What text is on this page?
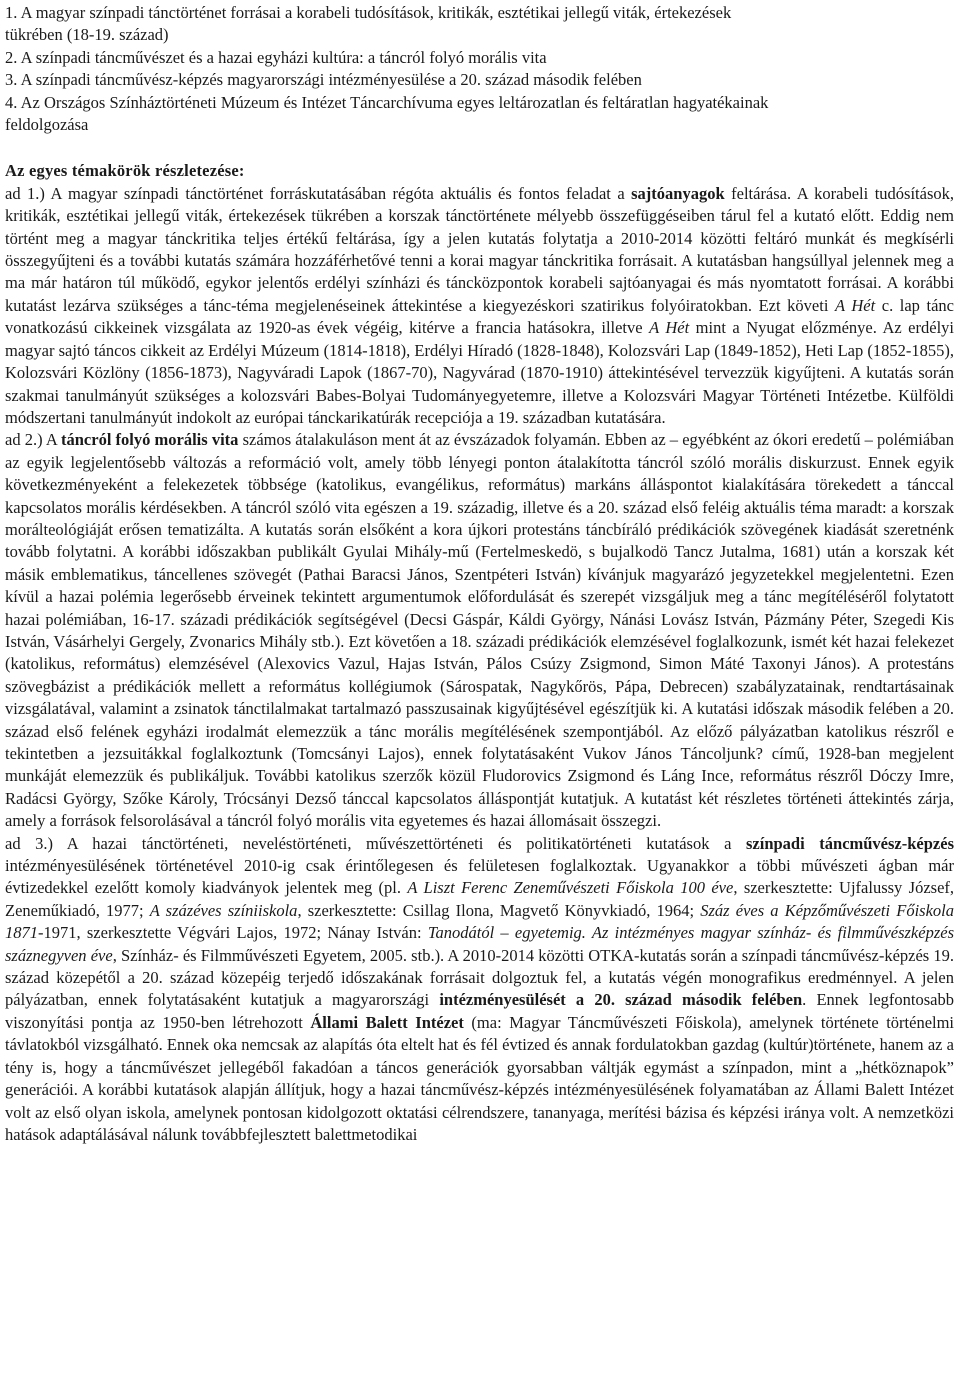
1. A magyar színpadi tánctörténet forrásai a korabeli tudósítások, kritikák, esztétikai jellegű viták, értekezések

tükrében (18-19. század)

2. A színpadi táncművészet és a hazai egyházi kultúra: a táncról folyó morális vita

3. A színpadi táncművész-képzés magyarországi intézményesülése a 20. század második felében

4. Az Országos Színháztörténeti Múzeum és Intézet Táncarchívuma egyes leltározatlan és feltáratlan hagyatékainak

feldolgozása

Az egyes témakörök részletezése:

ad 1.) A magyar színpadi tánctörténet forráskutatásában régóta aktuális és fontos feladat a sajtóanyagok feltárása. A korabeli tudósítások, kritikák, esztétikai jellegű viták, értekezések tükrében a korszak tánctörténete mélyebb összefüggéseiben tárul fel a kutató előtt. Eddig nem történt meg a magyar tánckritika teljes értékű feltárása, így a jelen kutatás folytatja a 2010-2014 közötti feltáró munkát és megkísérli összegyűjteni és a további kutatás számára hozzáférhetővé tenni a korai magyar tánckritika forrásait. A kutatásban hangsúllyal jelennek meg a ma már határon túl működő, egykor jelentős erdélyi színházi és táncközpontok korabeli sajtóanyagai és más nyomtatott forrásai. A korábbi kutatást lezárva szükséges a tánc-téma megjelenéseinek áttekintése a kiegyezéskori szatirikus folyóiratokban. Ezt követi A Hét c. lap tánc vonatkozású cikkeinek vizsgálata az 1920-as évek végéig, kitérve a francia hatásokra, illetve A Hét mint a Nyugat előzménye. Az erdélyi magyar sajtó táncos cikkeit az Erdélyi Múzeum (1814-1818), Erdélyi Híradó (1828-1848), Kolozsvári Lap (1849-1852), Heti Lap (1852-1855), Kolozsvári Közlöny (1856-1873), Nagyváradi Lapok (1867-70), Nagyvárad (1870-1910) áttekintésével tervezzük kigyűjteni. A kutatás során szakmai tanulmányút szükséges a kolozsvári Babes-Bolyai Tudományegyetemre, illetve a Kolozsvári Magyar Történeti Intézetbe. Külföldi módszertani tanulmányút indokolt az európai tánckarikatúrák recepciója a 19. században kutatására.

ad 2.) A táncról folyó morális vita számos átalakuláson ment át az évszázadok folyamán. Ebben az – egyébként az ókori eredetű – polémiában az egyik legjelentősebb változás a reformáció volt, amely több lényegi ponton átalakította táncról szóló morális diskurzust. Ennek egyik következményeként a felekezetek többsége (katolikus, evangélikus, református) markáns álláspontot kialakítására törekedett a tánccal kapcsolatos morális kérdésekben. A táncról szóló vita egészen a 19. századig, illetve és a 20. század első feléig aktuális téma maradt: a korszak morálteológiáját erősen tematizálta. A kutatás során elsőként a kora újkori protestáns táncbíráló prédikációk szövegének kiadását szeretnénk tovább folytatni. A korábbi időszakban publikált Gyulai Mihály-mű (Fertelmeskedö, s bujalkodö Tancz Jutalma, 1681) után a korszak két másik emblematikus, táncellenes szövegét (Pathai Baracsi János, Szentpéteri István) kívánjuk magyarázó jegyzetekkel megjelentetni. Ezen kívül a hazai polémia legerősebb érveinek tekintett argumentumok előfordulását és szerepét vizsgáljuk meg a tánc megítéléséről folytatott hazai polémiában, 16-17. századi prédikációk segítségével (Decsi Gáspár, Káldi György, Nánási Lovász István, Pázmány Péter, Szegedi Kis István, Vásárhelyi Gergely, Zvonarics Mihály stb.). Ezt követően a 18. századi prédikációk elemzésével foglalkozunk, ismét két hazai felekezet (katolikus, református) elemzésével (Alexovics Vazul, Hajas István, Pálos Csúzy Zsigmond, Simon Máté Taxonyi János). A protestáns szövegbázist a prédikációk mellett a református kollégiumok (Sárospatak, Nagykőrös, Pápa, Debrecen) szabályzatainak, rendtartásainak vizsgálatával, valamint a zsinatok tánctilalmakat tartalmazó passzusainak kigyűjtésével egészítjük ki. A kutatási időszak második felében a 20. század első felének egyházi irodalmát elemezzük a tánc morális megítélésének szempontjából. Az előző pályázatban katolikus részről e tekintetben a jezsuitákkal foglalkoztunk (Tomcsányi Lajos), ennek folytatásaként Vukov János Táncoljunk? című, 1928-ban megjelent munkáját elemezzük és publikáljuk. További katolikus szerzők közül Fludorovics Zsigmond és Láng Ince, református részről Dóczy Imre, Radácsi György, Szőke Károly, Trócsányi Dezső tánccal kapcsolatos álláspontját kutatjuk. A kutatást két részletes történeti áttekintés zárja, amely a források felsorolásával a táncról folyó morális vita egyetemes és hazai állomásait összegzi.

ad 3.) A hazai tánctörténeti, neveléstörténeti, művészettörténeti és politikatörténeti kutatások a színpadi táncművész-képzés intézményesülésének történetével 2010-ig csak érintőlegesen és felületesen foglalkoztak. Ugyanakkor a többi művészeti ágban már évtizedekkel ezelőtt komoly kiadványok jelentek meg (pl. A Liszt Ferenc Zeneművészeti Főiskola 100 éve, szerkesztette: Ujfalussy József, Zeneműkiadó, 1977; A százéves színiiskola, szerkesztette: Csillag Ilona, Magvető Könyvkiadó, 1964; Száz éves a Képzőművészeti Főiskola 1871-1971, szerkesztette Végvári Lajos, 1972; Nánay István: Tanodától – egyetemig. Az intézményes magyar színház- és filmművészképzés száznegyven éve, Színház- és Filmművészeti Egyetem, 2005. stb.). A 2010-2014 közötti OTKA-kutatás során a színpadi táncművész-képzés 19. század közepétől a 20. század közepéig terjedő időszakának forrásait dolgoztuk fel, a kutatás végén monografikus eredménnyel. A jelen pályázatban, ennek folytatásaként kutatjuk a magyarországi intézményesülését a 20. század második felében. Ennek legfontosabb viszonyítási pontja az 1950-ben létrehozott Állami Balett Intézet (ma: Magyar Táncművészeti Főiskola), amelynek története történelmi távlatokból vizsgálható. Ennek oka nemcsak az alapítás óta eltelt hat és fél évtized és annak fordulatokban gazdag (kultúr)története, hanem az a tény is, hogy a táncművészet jellegéből fakadóan a táncos generációk gyorsabban váltják egymást a színpadon, mint a „hétköznapok” generációi. A korábbi kutatások alapján állítjuk, hogy a hazai táncművész-képzés intézményesülésének folyamatában az Állami Balett Intézet volt az első olyan iskola, amelynek pontosan kidolgozott oktatási célrendszere, tananyaga, merítési bázisa és képzési iránya volt. A nemzetközi hatások adaptálásával nálunk továbbfejlesztett balettmetodikai
